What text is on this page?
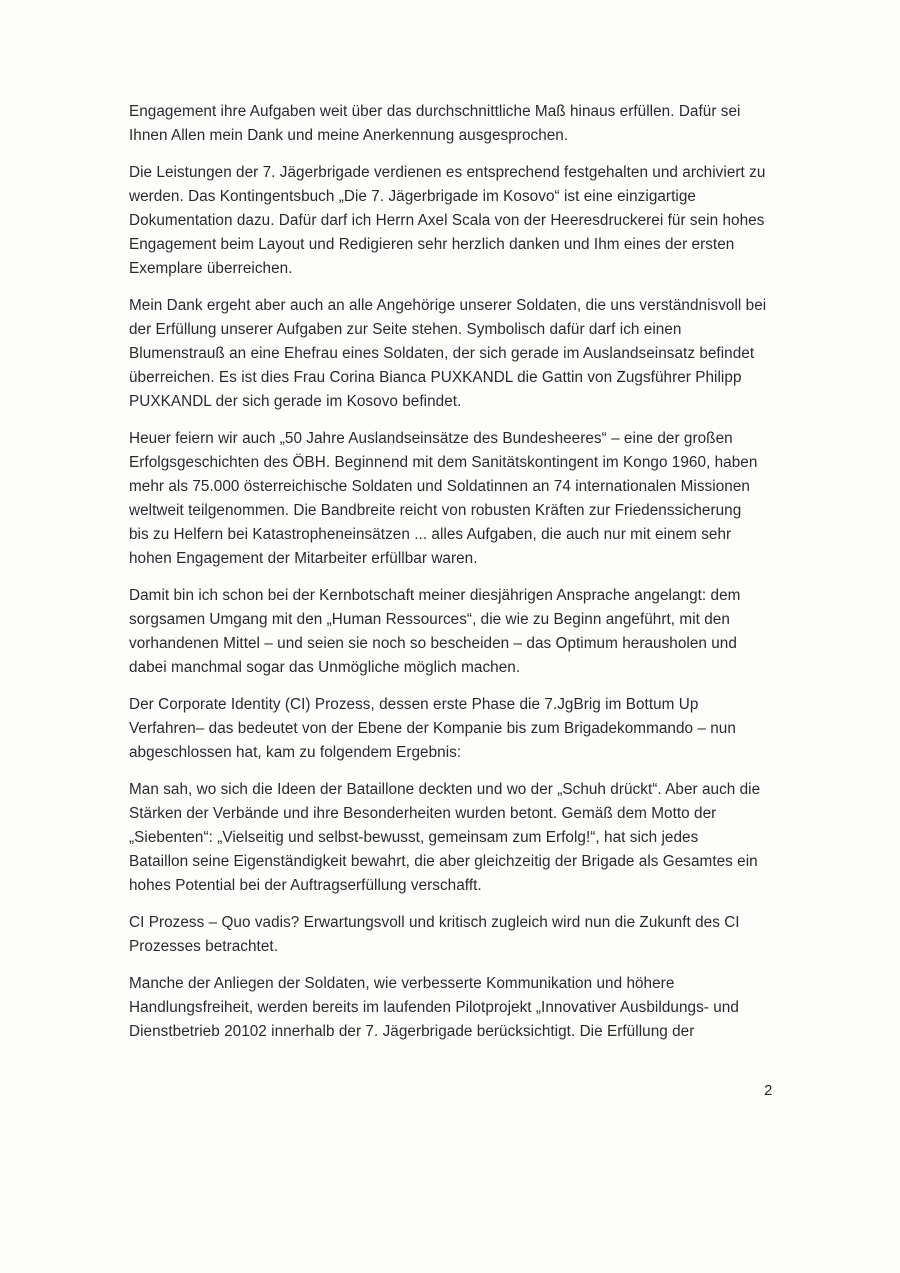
Engagement ihre Aufgaben weit über das durchschnittliche Maß hinaus erfüllen. Dafür sei
Ihnen Allen mein Dank und meine Anerkennung ausgesprochen.

Die Leistungen der 7. Jägerbrigade verdienen es entsprechend festgehalten und archiviert zu
werden. Das Kontingentsbuch „Die 7. Jägerbrigade im Kosovo“ ist eine einzigartige
Dokumentation dazu. Dafür darf ich Herrn Axel Scala von der Heeresdruckerei für sein hohes
Engagement beim Layout und Redigieren sehr herzlich danken und Ihm eines der ersten
Exemplare überreichen.

Mein Dank ergeht aber auch an alle Angehörige unserer Soldaten, die uns verständnisvoll bei
der Erfüllung unserer Aufgaben zur Seite stehen. Symbolisch dafür darf ich einen
Blumenstrauß an eine Ehefrau eines Soldaten, der sich gerade im Auslandseinsatz befindet
überreichen. Es ist dies Frau Corina Bianca PUXKANDL die Gattin von Zugsführer Philipp
PUXKANDL der sich gerade im Kosovo befindet.

Heuer feiern wir auch „50 Jahre Auslandseinsätze des Bundesheeres“ – eine der großen
Erfolgsgeschichten des ÖBH. Beginnend mit dem Sanitätskontingent im Kongo 1960, haben
mehr als 75.000 österreichische Soldaten und Soldatinnen an 74 internationalen Missionen
weltweit teilgenommen. Die Bandbreite reicht von robusten Kräften zur Friedenssicherung
bis zu Helfern bei Katastropheneinsätzen ... alles Aufgaben, die auch nur mit einem sehr
hohen Engagement der Mitarbeiter erfüllbar waren.

Damit bin ich schon bei der Kernbotschaft meiner diesjährigen Ansprache angelangt: dem
sorgsamen Umgang mit den „Human Ressources“, die wie zu Beginn angeführt, mit den
vorhandenen Mittel – und seien sie noch so bescheiden – das Optimum herausholen und
dabei manchmal sogar das Unmögliche möglich machen.

Der Corporate Identity (CI) Prozess, dessen erste Phase die 7.JgBrig im Bottum Up
Verfahren– das bedeutet von der Ebene der Kompanie bis zum Brigadekommando – nun
abgeschlossen hat, kam zu folgendem Ergebnis:

Man sah, wo sich die Ideen der Bataillone deckten und wo der „Schuh drückt“. Aber auch die
Stärken der Verbände und ihre Besonderheiten wurden betont. Gemäß dem Motto der
„Siebenten“: „Vielseitig und selbst-bewusst, gemeinsam zum Erfolg!“, hat sich jedes
Bataillon seine Eigenständigkeit bewahrt, die aber gleichzeitig der Brigade als Gesamtes ein
hohes Potential bei der Auftragserfüllung verschafft.

CI Prozess – Quo vadis? Erwartungsvoll und kritisch zugleich wird nun die Zukunft des CI
Prozesses betrachtet.

Manche der Anliegen der Soldaten, wie verbesserte Kommunikation und höhere
Handlungsfreiheit, werden bereits im laufenden Pilotprojekt „Innovativer Ausbildungs- und
Dienstbetrieb 20102 innerhalb der 7. Jägerbrigade berücksichtigt. Die Erfüllung der

2
